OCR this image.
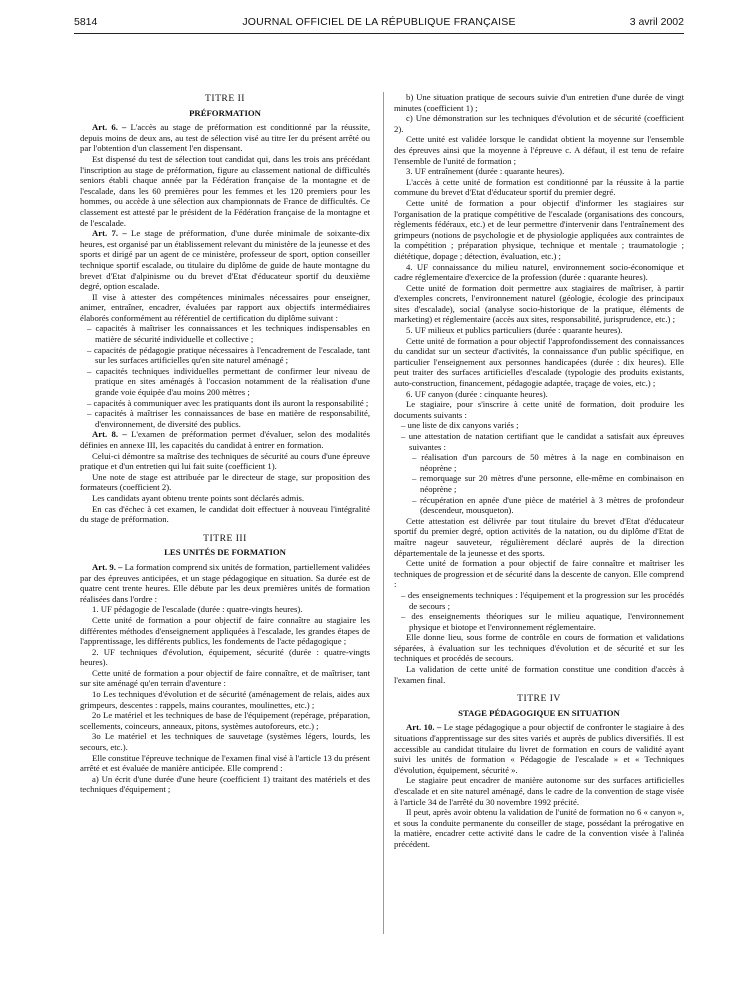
5814	JOURNAL OFFICIEL DE LA RÉPUBLIQUE FRANÇAISE	3 avril 2002
TITRE II
PRÉFORMATION

Art. 6. – L'accès au stage de préformation est conditionné par la réussite, depuis moins de deux ans, au test de sélection visé au titre Ier du présent arrêté ou par l'obtention d'un classement l'en dispensant.

Est dispensé du test de sélection tout candidat qui, dans les trois ans précédant l'inscription au stage de préformation, figure au classement national de difficultés seniors établi chaque année par la Fédération française de la montagne et de l'escalade, dans les 60 premières pour les femmes et les 120 premiers pour les hommes, ou accède à une sélection aux championnats de France de difficultés. Ce classement est attesté par le président de la Fédération française de la montagne et de l'escalade.

Art. 7. – Le stage de préformation, d'une durée minimale de soixante-dix heures, est organisé par un établissement relevant du ministère de la jeunesse et des sports et dirigé par un agent de ce ministère, professeur de sport, option conseiller technique sportif escalade, ou titulaire du diplôme de guide de haute montagne du brevet d'Etat d'alpinisme ou du brevet d'Etat d'éducateur sportif du deuxième degré, option escalade.

Il vise à attester des compétences minimales nécessaires pour enseigner, animer, entraîner, encadrer, évaluées par rapport aux objectifs intermédiaires élaborés conformément au référentiel de certification du diplôme suivant :

– capacités à maîtriser les connaissances et les techniques indispensables en matière de sécurité individuelle et collective ;
– capacités de pédagogie pratique nécessaires à l'encadrement de l'escalade, tant sur les surfaces artificielles qu'en site naturel aménagé ;
– capacités techniques individuelles permettant de confirmer leur niveau de pratique en sites aménagés à l'occasion notamment de la réalisation d'une grande voie équipée d'au moins 200 mètres ;
– capacités à communiquer avec les pratiquants dont ils auront la responsabilité ;
– capacités à maîtriser les connaissances de base en matière de responsabilité, d'environnement, de diversité des publics.

Art. 8. – L'examen de préformation permet d'évaluer, selon des modalités définies en annexe III, les capacités du candidat à entrer en formation.

Celui-ci démontre sa maîtrise des techniques de sécurité au cours d'une épreuve pratique et d'un entretien qui lui fait suite (coefficient 1).

Une note de stage est attribuée par le directeur de stage, sur proposition des formateurs (coefficient 2).

Les candidats ayant obtenu trente points sont déclarés admis.

En cas d'échec à cet examen, le candidat doit effectuer à nouveau l'intégralité du stage de préformation.

TITRE III
LES UNITÉS DE FORMATION

Art. 9. – La formation comprend six unités de formation, partiellement validées par des épreuves anticipées, et un stage pédagogique en situation. Sa durée est de quatre cent trente heures. Elle débute par les deux premières unités de formation réalisées dans l'ordre :

1. UF pédagogie de l'escalade (durée : quatre-vingts heures).

Cette unité de formation a pour objectif de faire connaître au stagiaire les différentes méthodes d'enseignement appliquées à l'escalade, les grandes étapes de l'apprentissage, les différents publics, les fondements de l'acte pédagogique ;

2. UF techniques d'évolution, équipement, sécurité (durée : quatre-vingts heures).

Cette unité de formation a pour objectif de faire connaître, et de maîtriser, tant sur site aménagé qu'en terrain d'aventure :

1o Les techniques d'évolution et de sécurité (aménagement de relais, aides aux grimpeurs, descentes : rappels, mains courantes, moulinettes, etc.) ;

2o Le matériel et les techniques de base de l'équipement (repérage, préparation, scellements, coinceurs, anneaux, pitons, systèmes autoforeurs, etc.) ;

3o Le matériel et les techniques de sauvetage (systèmes légers, lourds, les secours, etc.).

Elle constitue l'épreuve technique de l'examen final visé à l'article 13 du présent arrêté et est évaluée de manière anticipée. Elle comprend :

a) Un écrit d'une durée d'une heure (coefficient 1) traitant des matériels et des techniques d'équipement ;

b) Une situation pratique de secours suivie d'un entretien d'une durée de vingt minutes (coefficient 1) ;

c) Une démonstration sur les techniques d'évolution et de sécurité (coefficient 2).

Cette unité est validée lorsque le candidat obtient la moyenne sur l'ensemble des épreuves ainsi que la moyenne à l'épreuve c. A défaut, il est tenu de refaire l'ensemble de l'unité de formation ;

3. UF entraînement (durée : quarante heures).

L'accès à cette unité de formation est conditionné par la réussite à la partie commune du brevet d'Etat d'éducateur sportif du premier degré.

Cette unité de formation a pour objectif d'informer les stagiaires sur l'organisation de la pratique compétitive de l'escalade (organisations des concours, règlements fédéraux, etc.) et de leur permettre d'intervenir dans l'entraînement des grimpeurs (notions de psychologie et de physiologie appliquées aux contraintes de la compétition ; préparation physique, technique et mentale ; traumatologie ; diététique, dopage ; détection, évaluation, etc.) ;

4. UF connaissance du milieu naturel, environnement socio-économique et cadre réglementaire d'exercice de la profession (durée : quarante heures).

Cette unité de formation doit permettre aux stagiaires de maîtriser, à partir d'exemples concrets, l'environnement naturel (géologie, écologie des principaux sites d'escalade), social (analyse socio-historique de la pratique, éléments de marketing) et réglementaire (accès aux sites, responsabilité, jurisprudence, etc.) ;

5. UF milieux et publics particuliers (durée : quarante heures).

Cette unité de formation a pour objectif l'approfondissement des connaissances du candidat sur un secteur d'activités, la connaissance d'un public spécifique, en particulier l'enseignement aux personnes handicapées (durée : dix heures). Elle peut traiter des surfaces artificielles d'escalade (typologie des produits existants, auto-construction, financement, pédagogie adaptée, traçage de voies, etc.) ;

6. UF canyon (durée : cinquante heures).

Le stagiaire, pour s'inscrire à cette unité de formation, doit produire les documents suivants :

– une liste de dix canyons variés ;
– une attestation de natation certifiant que le candidat a satisfait aux épreuves suivantes :
– réalisation d'un parcours de 50 mètres à la nage en combinaison en néoprène ;
– remorquage sur 20 mètres d'une personne, elle-même en combinaison en néoprène ;
– récupération en apnée d'une pièce de matériel à 3 mètres de profondeur (descendeur, mousqueton).

Cette attestation est délivrée par tout titulaire du brevet d'Etat d'éducateur sportif du premier degré, option activités de la natation, ou du diplôme d'Etat de maître nageur sauveteur, régulièrement déclaré auprès de la direction départementale de la jeunesse et des sports.

Cette unité de formation a pour objectif de faire connaître et maîtriser les techniques de progression et de sécurité dans la descente de canyon. Elle comprend :

– des enseignements techniques : l'équipement et la progression sur les procédés de secours ;
– des enseignements théoriques sur le milieu aquatique, l'environnement physique et biotope et l'environnement réglementaire.

Elle donne lieu, sous forme de contrôle en cours de formation et validations séparées, à évaluation sur les techniques d'évolution et de sécurité et sur les techniques et procédés de secours.

La validation de cette unité de formation constitue une condition d'accès à l'examen final.

TITRE IV
STAGE PÉDAGOGIQUE EN SITUATION

Art. 10. – Le stage pédagogique a pour objectif de confronter le stagiaire à des situations d'apprentissage sur des sites variés et auprès de publics diversifiés. Il est accessible au candidat titulaire du livret de formation en cours de validité ayant suivi les unités de formation « Pédagogie de l'escalade » et « Techniques d'évolution, équipement, sécurité ».

Le stagiaire peut encadrer de manière autonome sur des surfaces artificielles d'escalade et en site naturel aménagé, dans le cadre de la convention de stage visée à l'article 34 de l'arrêté du 30 novembre 1992 précité.

Il peut, après avoir obtenu la validation de l'unité de formation no 6 « canyon », et sous la conduite permanente du conseiller de stage, possédant la prérogative en la matière, encadrer cette activité dans le cadre de la convention visée à l'alinéa précédent.
